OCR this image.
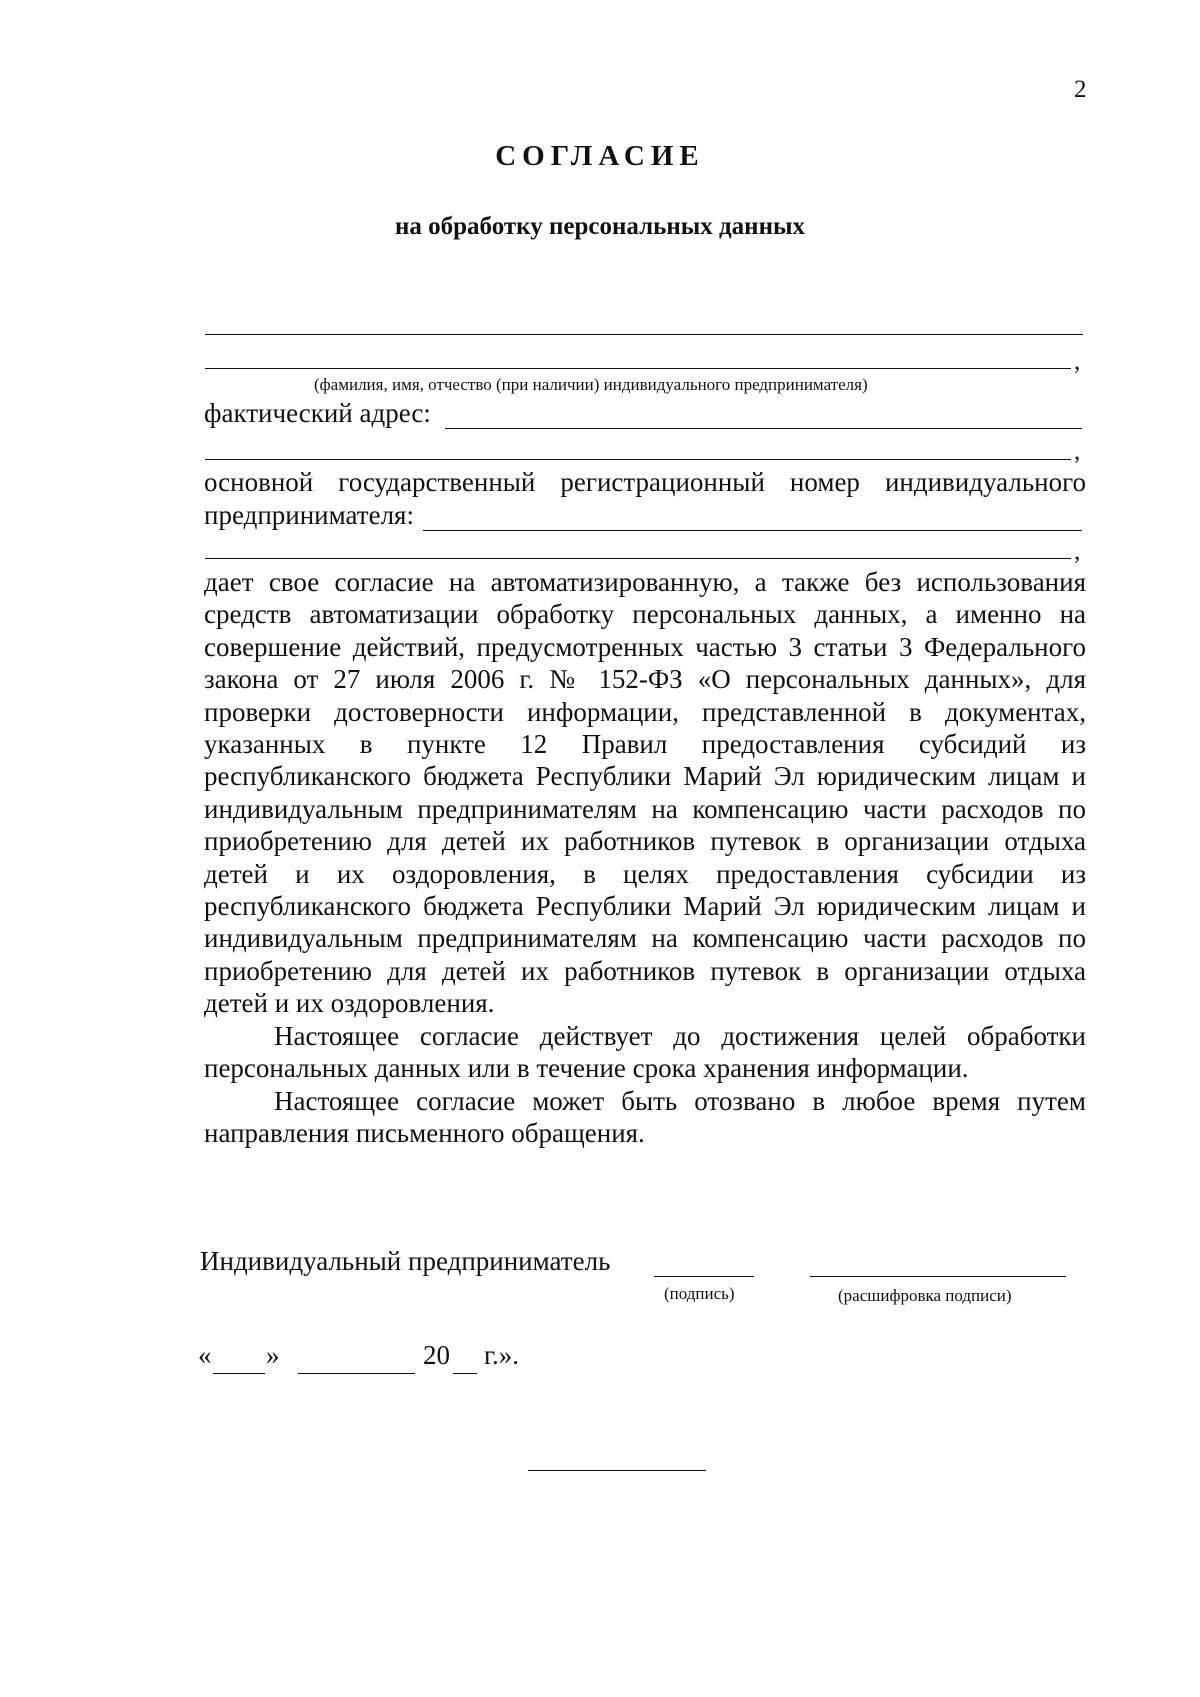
2
СОГЛАСИЕ
на обработку персональных данных
,
(фамилия, имя, отчество (при наличии) индивидуального предпринимателя)
фактический адрес:
,
основной государственный регистрационный номер индивидуального
предпринимателя:
,

дает свое согласие на автоматизированную, а также без использования средств автоматизации обработку персональных данных, а именно на совершение действий, предусмотренных частью 3 статьи 3 Федерального закона от 27 июля 2006 г. № 152-ФЗ «О персональных данных», для проверки достоверности информации, представленной в документах, указанных в пункте 12 Правил предоставления субсидий из республиканского бюджета Республики Марий Эл юридическим лицам и индивидуальным предпринимателям на компенсацию части расходов по приобретению для детей их работников путевок в организации отдыха детей и их оздоровления, в целях предоставления субсидии из республиканского бюджета Республики Марий Эл юридическим лицам и индивидуальным предпринимателям на компенсацию части расходов по приобретению для детей их работников путевок в организации отдыха детей и их оздоровления.

Настоящее согласие действует до достижения целей обработки персональных данных или в течение срока хранения информации.

Настоящее согласие может быть отозвано в любое время путем направления письменного обращения.

Индивидуальный предприниматель
(подпись)	(расшифровка подписи)
« »	20 г.».
